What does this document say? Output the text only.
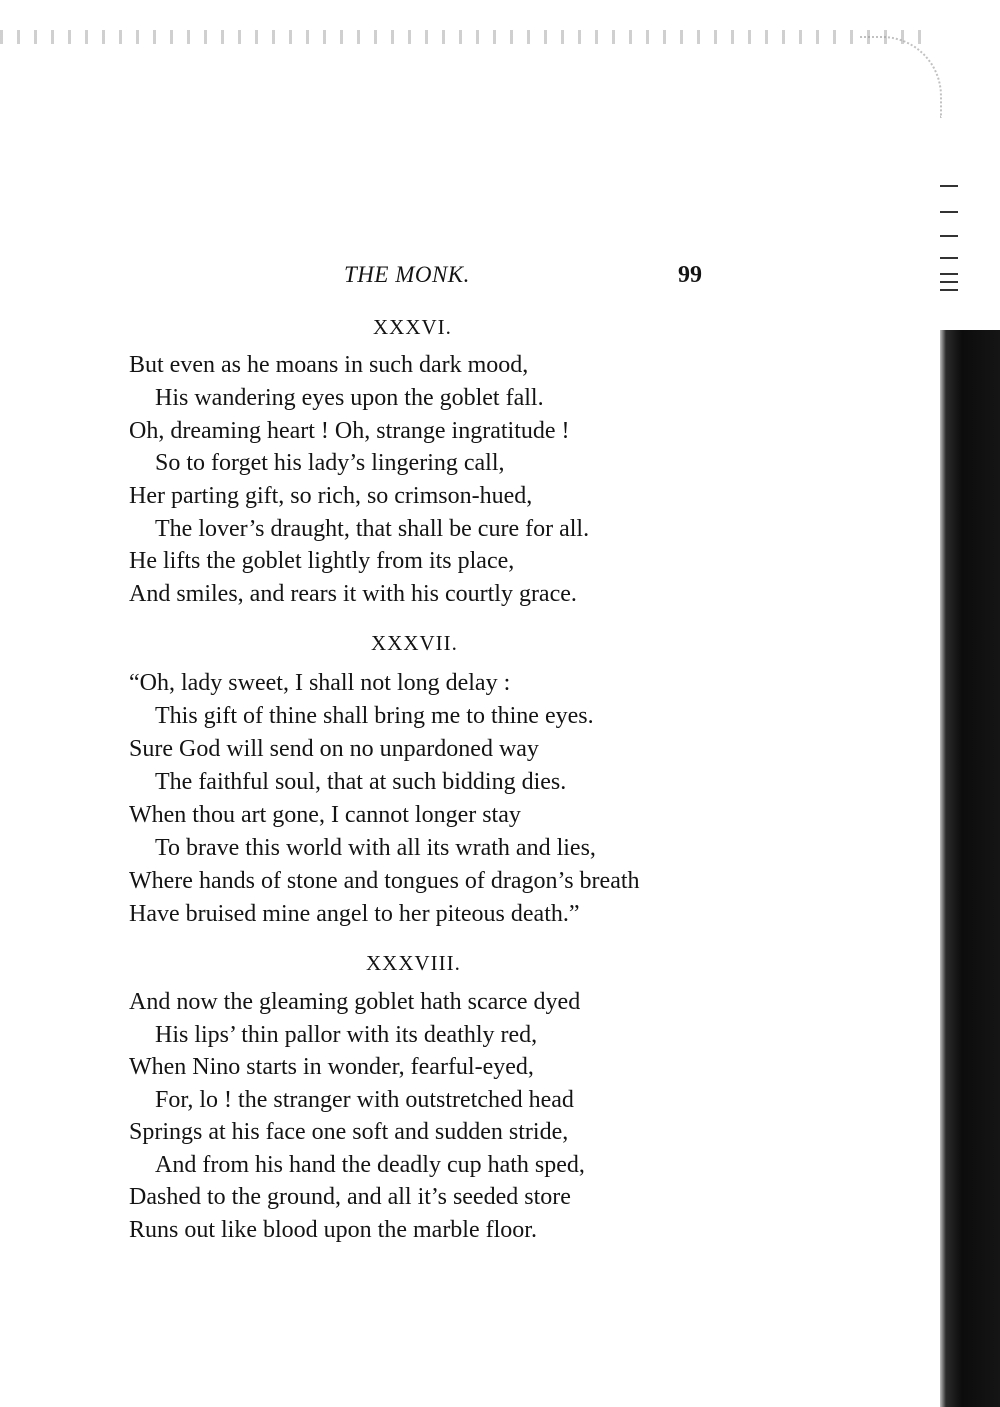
THE MONK.	99
XXXVI.
But even as he moans in such dark mood,
His wandering eyes upon the goblet fall.
Oh, dreaming heart ! Oh, strange ingratitude !
So to forget his lady’s lingering call,
Her parting gift, so rich, so crimson-hued,
The lover’s draught, that shall be cure for all.
He lifts the goblet lightly from its place,
And smiles, and rears it with his courtly grace.
XXXVII.
“Oh, lady sweet, I shall not long delay :
This gift of thine shall bring me to thine eyes.
Sure God will send on no unpardoned way
The faithful soul, that at such bidding dies.
When thou art gone, I cannot longer stay
To brave this world with all its wrath and lies,
Where hands of stone and tongues of dragon’s breath
Have bruised mine angel to her piteous death.”
XXXVIII.
And now the gleaming goblet hath scarce dyed
His lips’ thin pallor with its deathly red,
When Nino starts in wonder, fearful-eyed,
For, lo ! the stranger with outstretched head
Springs at his face one soft and sudden stride,
And from his hand the deadly cup hath sped,
Dashed to the ground, and all it’s seeded store
Runs out like blood upon the marble floor.
